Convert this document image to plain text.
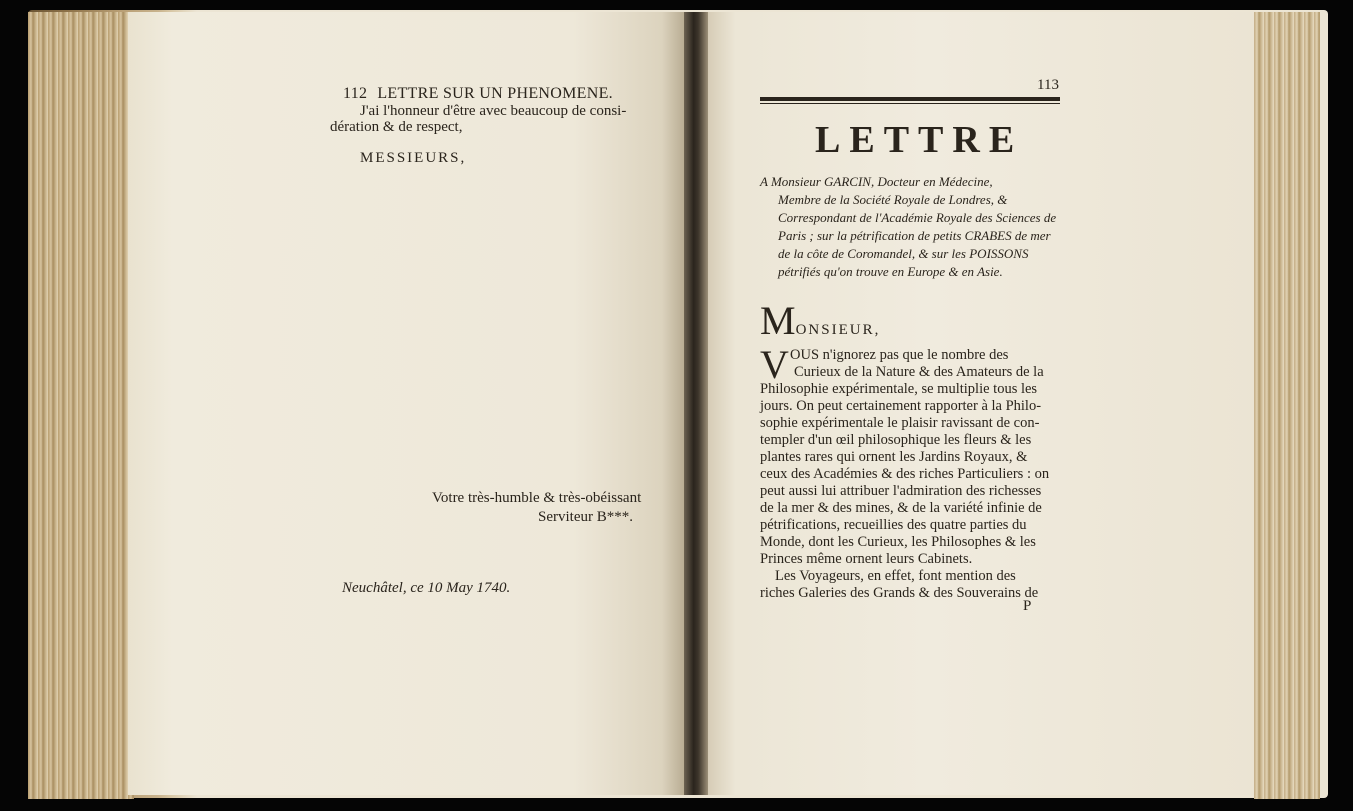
112 LETTRE SUR UN PHENOMENE.
J'ai l'honneur d'être avec beaucoup de consi-
dération & de respect,
MESSIEURS,
Votre très-humble & très-obéissant
Serviteur B***.
Neuchâtel, ce 10 May 1740.
113
LETTRE
A Monsieur GARCIN, Docteur en Médecine,
Membre de la Société Royale de Londres, &
Correspondant de l'Académie Royale des Sciences de
Paris ; sur la pétrification de petits CRABES de mer
de la côte de Coromandel, & sur les POISSONS
pétrifiés qu'on trouve en Europe & en Asie.
MONSIEUR,
V OUS n'ignorez pas que le nombre des
Curieux de la Nature & des Amateurs de la
Philosophie expérimentale, se multiplie tous les
jours. On peut certainement rapporter à la Philo-
sophie expérimentale le plaisir ravissant de con-
templer d'un œil philosophique les fleurs & les
plantes rares qui ornent les Jardins Royaux, &
ceux des Académies & des riches Particuliers : on
peut aussi lui attribuer l'admiration des richesses
de la mer & des mines, & de la variété infinie de
pétrifications, recueillies des quatre parties du
Monde, dont les Curieux, les Philosophes & les
Princes même ornent leurs Cabinets.
Les Voyageurs, en effet, font mention des
riches Galeries des Grands & des Souverains de
P
